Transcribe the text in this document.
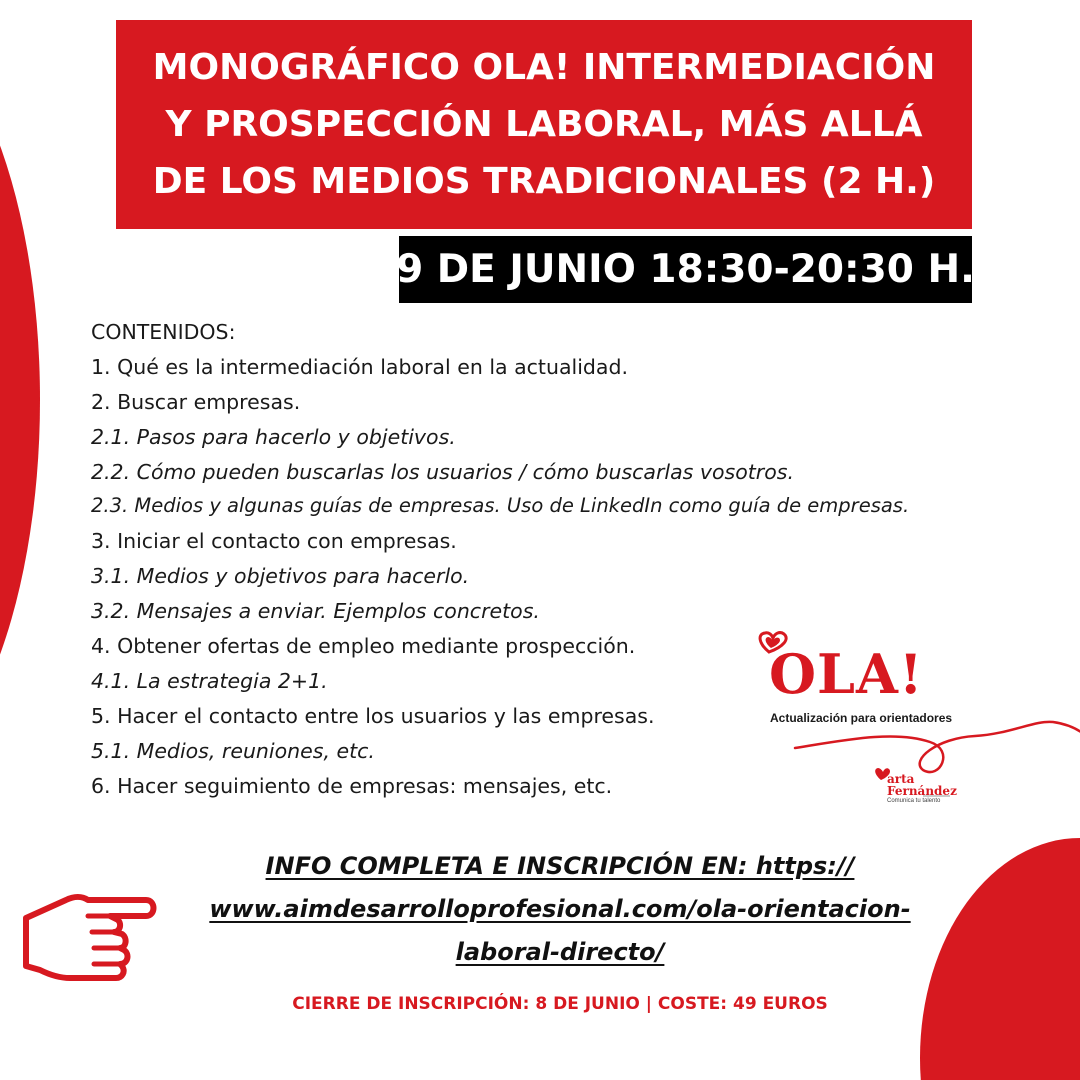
MONOGRÁFICO OLA! INTERMEDIACIÓN
Y PROSPECCIÓN LABORAL, MÁS ALLÁ
DE LOS MEDIOS TRADICIONALES (2 H.)
9 DE JUNIO 18:30-20:30 H.
CONTENIDOS:
1. Qué es la intermediación laboral en la actualidad.
2. Buscar empresas.
2.1. Pasos para hacerlo y objetivos.
2.2. Cómo pueden buscarlas los usuarios / cómo buscarlas vosotros.
2.3. Medios y algunas guías de empresas. Uso de LinkedIn como guía de empresas.
3. Iniciar el contacto con empresas.
3.1. Medios y objetivos para hacerlo.
3.2. Mensajes a enviar. Ejemplos concretos.
4. Obtener ofertas de empleo mediante prospección.
4.1. La estrategia 2+1.
5. Hacer el contacto entre los usuarios y las empresas.
5.1. Medios, reuniones, etc.
6. Hacer seguimiento de empresas: mensajes, etc.
OLA!
Actualización para orientadores
arta
Fernández
Comunica tu talento
INFO COMPLETA E INSCRIPCIÓN EN: https://
www.aimdesarrolloprofesional.com/ola-orientacion-
laboral-directo/
CIERRE DE INSCRIPCIÓN: 8 DE JUNIO | COSTE: 49 EUROS
